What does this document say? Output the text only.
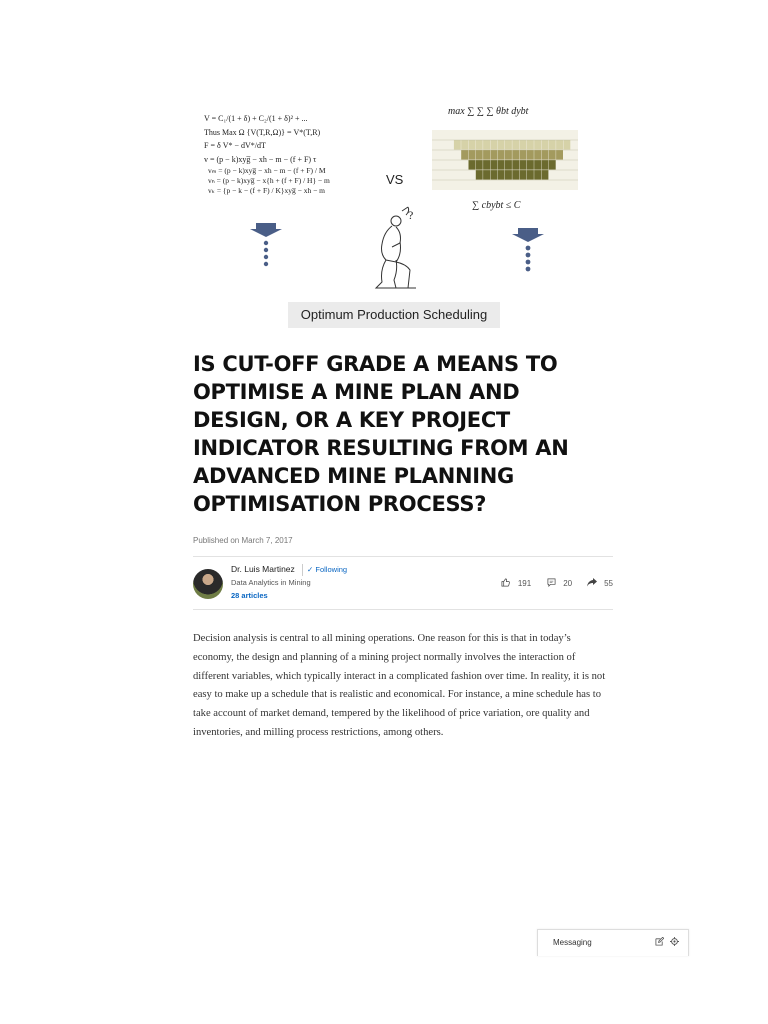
V = C₁/(1 + δ) + C₂/(1 + δ)² + ...
Thus Max Ω {V(T,R,Ω)} = V*(T,R)
F = δ V* − dV*/dT
v = (p − k)xyg̅ − xh − m − (f + F) τ
vₘ = (p − k)xyg̅ − xh − m − (f + F) / M
vₕ = (p − k)xyg̅ − x{h + (f + F) / H} − m
vₖ = {p − k − (f + F) / K}xyg̅ − xh − m
VS
max ∑ ∑ ∑ θbt dybt
∑ cbybt ≤ C
?
Optimum Production Scheduling
IS CUT-OFF GRADE A MEANS TO OPTIMISE A MINE PLAN AND DESIGN, OR A KEY PROJECT INDICATOR RESULTING FROM AN ADVANCED MINE PLANNING OPTIMISATION PROCESS?
Published on March 7, 2017
Dr. Luis Martinez ✓ Following
Data Analytics in Mining
28 articles
191	20	55

Decision analysis is central to all mining operations. One reason for this is that in today’s economy, the design and planning of a mining project normally involves the interaction of different variables, which typically interact in a complicated fashion over time. In reality, it is not easy to make up a schedule that is realistic and economical. For instance, a mine schedule has to take account of market demand, tempered by the likelihood of price variation, ore quality and inventories, and milling process restrictions, among others.

Messaging
